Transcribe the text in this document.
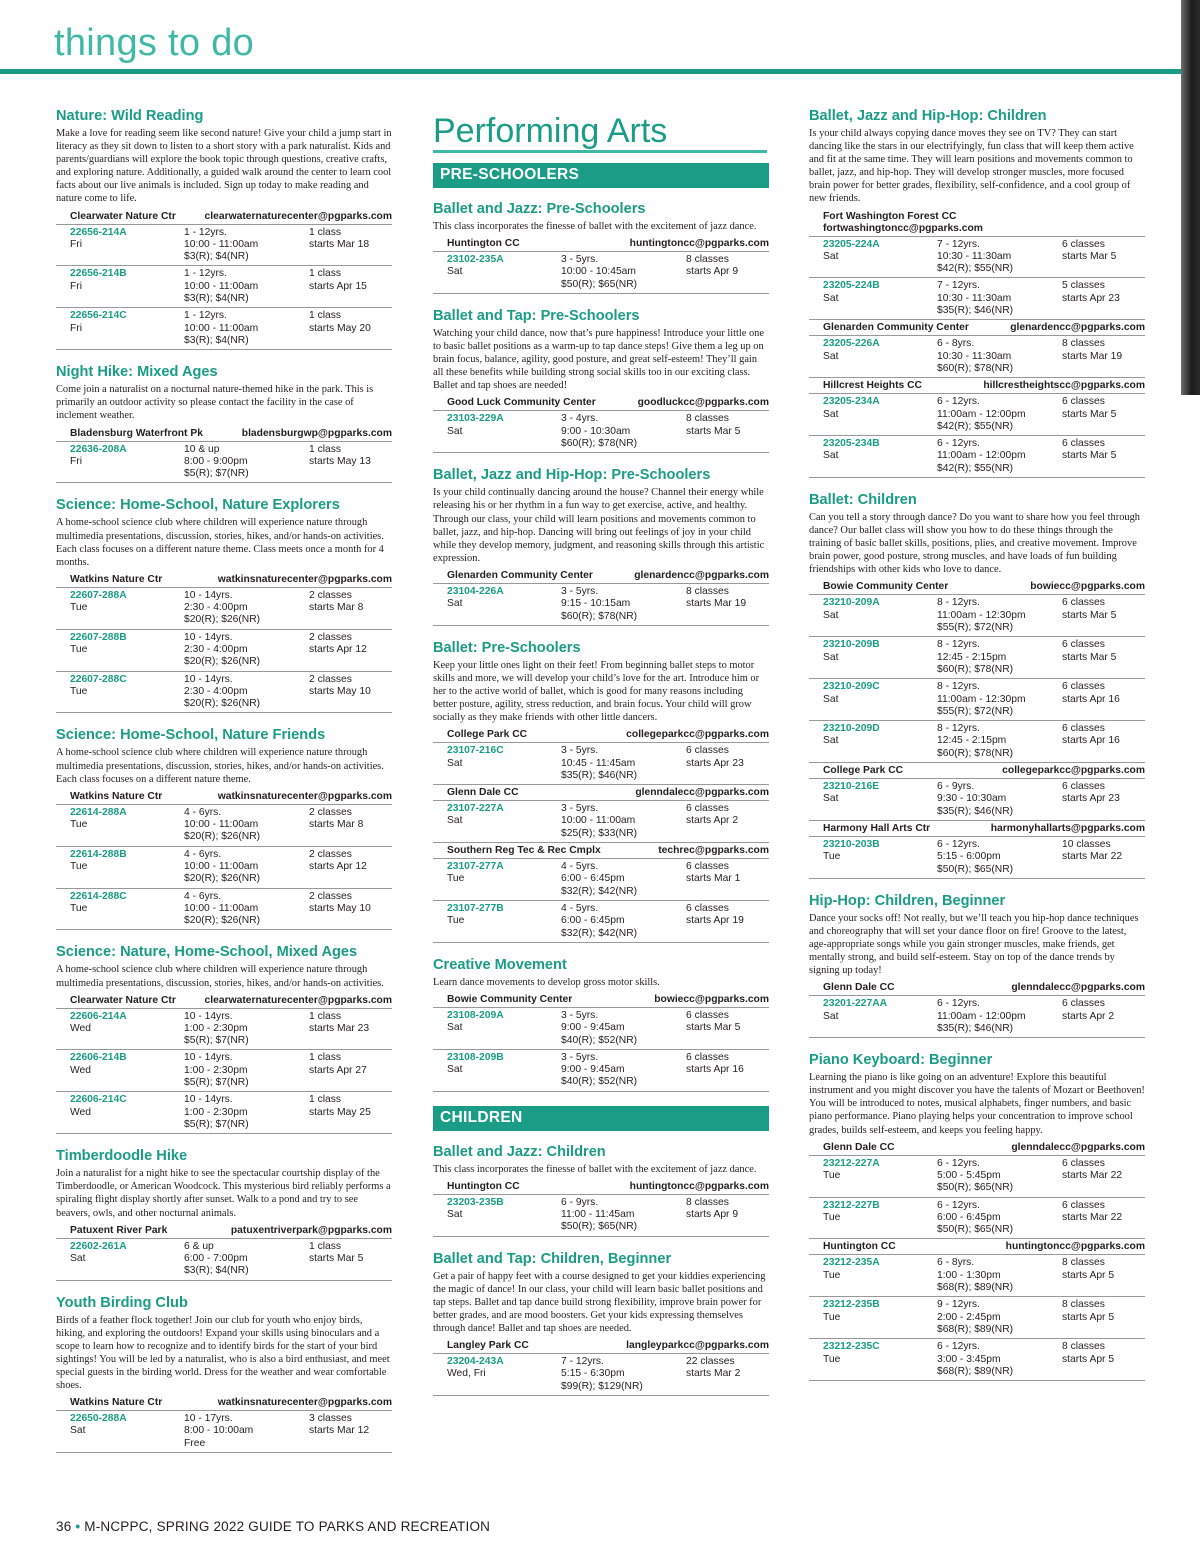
things to do
Nature: Wild Reading
Make a love for reading seem like second nature! Give your child a jump start in literacy as they sit down to listen to a short story with a park naturalist. Kids and parents/guardians will explore the book topic through questions, creative crafts, and exploring nature. Additionally, a guided walk around the center to learn cool facts about our live animals is included. Sign up today to make reading and nature come to life.
Clearwater Nature Ctr	clearwaternaturecenter@pgparks.com
22656-214A	1 - 12yrs.	1 class
Fri	10:00 - 11:00am	starts Mar 18
$3(R); $4(NR)
22656-214B	1 - 12yrs.	1 class
Fri	10:00 - 11:00am	starts Apr 15
$3(R); $4(NR)
22656-214C	1 - 12yrs.	1 class
Fri	10:00 - 11:00am	starts May 20
$3(R); $4(NR)
Night Hike: Mixed Ages
Come join a naturalist on a nocturnal nature-themed hike in the park. This is primarily an outdoor activity so please contact the facility in the case of inclement weather.
Bladensburg Waterfront Pk	bladensburgwp@pgparks.com
22636-208A	10 & up	1 class
Fri	8:00 - 9:00pm	starts May 13
$5(R); $7(NR)
Science: Home-School, Nature Explorers
A home-school science club where children will experience nature through multimedia presentations, discussion, stories, hikes, and/or hands-on activities. Each class focuses on a different nature theme. Class meets once a month for 4 months.
Watkins Nature Ctr	watkinsnaturecenter@pgparks.com
22607-288A	10 - 14yrs.	2 classes
Tue	2:30 - 4:00pm	starts Mar 8
$20(R); $26(NR)
22607-288B	10 - 14yrs.	2 classes
Tue	2:30 - 4:00pm	starts Apr 12
$20(R); $26(NR)
22607-288C	10 - 14yrs.	2 classes
Tue	2:30 - 4:00pm	starts May 10
$20(R); $26(NR)
Science: Home-School, Nature Friends
A home-school science club where children will experience nature through multimedia presentations, discussion, stories, hikes, and/or hands-on activities. Each class focuses on a different nature theme.
Watkins Nature Ctr	watkinsnaturecenter@pgparks.com
22614-288A	4 - 6yrs.	2 classes
Tue	10:00 - 11:00am	starts Mar 8
$20(R); $26(NR)
22614-288B	4 - 6yrs.	2 classes
Tue	10:00 - 11:00am	starts Apr 12
$20(R); $26(NR)
22614-288C	4 - 6yrs.	2 classes
Tue	10:00 - 11:00am	starts May 10
$20(R); $26(NR)
Science: Nature, Home-School, Mixed Ages
A home-school science club where children will experience nature through multimedia presentations, discussion, stories, hikes, and/or hands-on activities.
Clearwater Nature Ctr	clearwaternaturecenter@pgparks.com
22606-214A	10 - 14yrs.	1 class
Wed	1:00 - 2:30pm	starts Mar 23
$5(R); $7(NR)
22606-214B	10 - 14yrs.	1 class
Wed	1:00 - 2:30pm	starts Apr 27
$5(R); $7(NR)
22606-214C	10 - 14yrs.	1 class
Wed	1:00 - 2:30pm	starts May 25
$5(R); $7(NR)
Timberdoodle Hike
Join a naturalist for a night hike to see the spectacular courtship display of the Timberdoodle, or American Woodcock. This mysterious bird reliably performs a spiraling flight display shortly after sunset. Walk to a pond and try to see beavers, owls, and other nocturnal animals.
Patuxent River Park	patuxentriverpark@pgparks.com
22602-261A	6 & up	1 class
Sat	6:00 - 7:00pm	starts Mar 5
$3(R); $4(NR)
Youth Birding Club
Birds of a feather flock together! Join our club for youth who enjoy birds, hiking, and exploring the outdoors! Expand your skills using binoculars and a scope to learn how to recognize and to identify birds for the start of your bird sightings! You will be led by a naturalist, who is also a bird enthusiast, and meet special guests in the birding world. Dress for the weather and wear comfortable shoes.
Watkins Nature Ctr	watkinsnaturecenter@pgparks.com
22650-288A	10 - 17yrs.	3 classes
Sat	8:00 - 10:00am	starts Mar 12
Free
Performing Arts
PRE-SCHOOLERS
Ballet and Jazz: Pre-Schoolers
This class incorporates the finesse of ballet with the excitement of jazz dance.
Huntington CC	huntingtoncc@pgparks.com
23102-235A	3 - 5yrs.	8 classes
Sat	10:00 - 10:45am	starts Apr 9
$50(R); $65(NR)
Ballet and Tap: Pre-Schoolers
Watching your child dance, now that’s pure happiness! Introduce your little one to basic ballet positions as a warm-up to tap dance steps! Give them a leg up on brain focus, balance, agility, good posture, and great self-esteem! They’ll gain all these benefits while building strong social skills too in our exciting class. Ballet and tap shoes are needed!
Good Luck Community Center	goodluckcc@pgparks.com
23103-229A	3 - 4yrs.	8 classes
Sat	9:00 - 10:30am	starts Mar 5
$60(R); $78(NR)
Ballet, Jazz and Hip-Hop: Pre-Schoolers
Is your child continually dancing around the house? Channel their energy while releasing his or her rhythm in a fun way to get exercise, active, and healthy. Through our class, your child will learn positions and movements common to ballet, jazz, and hip-hop. Dancing will bring out feelings of joy in your child while they develop memory, judgment, and reasoning skills through this artistic expression.
Glenarden Community Center	glenardencc@pgparks.com
23104-226A	3 - 5yrs.	8 classes
Sat	9:15 - 10:15am	starts Mar 19
$60(R); $78(NR)
Ballet: Pre-Schoolers
Keep your little ones light on their feet! From beginning ballet steps to motor skills and more, we will develop your child’s love for the art. Introduce him or her to the active world of ballet, which is good for many reasons including better posture, agility, stress reduction, and brain focus. Your child will grow socially as they make friends with other little dancers.
College Park CC	collegeparkcc@pgparks.com
23107-216C	3 - 5yrs.	6 classes
Sat	10:45 - 11:45am	starts Apr 23
$35(R); $46(NR)
Glenn Dale CC	glenndalecc@pgparks.com
23107-227A	3 - 5yrs.	6 classes
Sat	10:00 - 11:00am	starts Apr 2
$25(R); $33(NR)
Southern Reg Tec & Rec Cmplx	techrec@pgparks.com
23107-277A	4 - 5yrs.	6 classes
Tue	6:00 - 6:45pm	starts Mar 1
$32(R); $42(NR)
23107-277B	4 - 5yrs.	6 classes
Tue	6:00 - 6:45pm	starts Apr 19
$32(R); $42(NR)
Creative Movement
Learn dance movements to develop gross motor skills.
Bowie Community Center	bowiecc@pgparks.com
23108-209A	3 - 5yrs.	6 classes
Sat	9:00 - 9:45am	starts Mar 5
$40(R); $52(NR)
23108-209B	3 - 5yrs.	6 classes
Sat	9:00 - 9:45am	starts Apr 16
$40(R); $52(NR)
CHILDREN
Ballet and Jazz: Children
This class incorporates the finesse of ballet with the excitement of jazz dance.
Huntington CC	huntingtoncc@pgparks.com
23203-235B	6 - 9yrs.	8 classes
Sat	11:00 - 11:45am	starts Apr 9
$50(R); $65(NR)
Ballet and Tap: Children, Beginner
Get a pair of happy feet with a course designed to get your kiddies experiencing the magic of dance! In our class, your child will learn basic ballet positions and tap steps. Ballet and tap dance build strong flexibility, improve brain power for better grades, and are mood boosters. Get your kids expressing themselves through dance! Ballet and tap shoes are needed.
Langley Park CC	langleyparkcc@pgparks.com
23204-243A	7 - 12yrs.	22 classes
Wed, Fri	5:15 - 6:30pm	starts Mar 2
$99(R); $129(NR)
Ballet, Jazz and Hip-Hop: Children
Is your child always copying dance moves they see on TV? They can start dancing like the stars in our electrifyingly, fun class that will keep them active and fit at the same time. They will learn positions and movements common to ballet, jazz, and hip-hop. They will develop stronger muscles, more focused brain power for better grades, flexibility, self-confidence, and a cool group of new friends.
Fort Washington Forest CC
fortwashingtoncc@pgparks.com
23205-224A	7 - 12yrs.	6 classes
Sat	10:30 - 11:30am	starts Mar 5
$42(R); $55(NR)
23205-224B	7 - 12yrs.	5 classes
Sat	10:30 - 11:30am	starts Apr 23
$35(R); $46(NR)
Glenarden Community Center	glenardencc@pgparks.com
23205-226A	6 - 8yrs.	8 classes
Sat	10:30 - 11:30am	starts Mar 19
$60(R); $78(NR)
Hillcrest Heights CC	hillcrestheightscc@pgparks.com
23205-234A	6 - 12yrs.	6 classes
Sat	11:00am - 12:00pm	starts Mar 5
$42(R); $55(NR)
23205-234B	6 - 12yrs.	6 classes
Sat	11:00am - 12:00pm	starts Mar 5
$42(R); $55(NR)
Ballet: Children
Can you tell a story through dance? Do you want to share how you feel through dance? Our ballet class will show you how to do these things through the training of basic ballet skills, positions, plies, and creative movement. Improve brain power, good posture, strong muscles, and have loads of fun building friendships with other kids who love to dance.
Bowie Community Center	bowiecc@pgparks.com
23210-209A	8 - 12yrs.	6 classes
Sat	11:00am - 12:30pm	starts Mar 5
$55(R); $72(NR)
23210-209B	8 - 12yrs.	6 classes
Sat	12:45 - 2:15pm	starts Mar 5
$60(R); $78(NR)
23210-209C	8 - 12yrs.	6 classes
Sat	11:00am - 12:30pm	starts Apr 16
$55(R); $72(NR)
23210-209D	8 - 12yrs.	6 classes
Sat	12:45 - 2:15pm	starts Apr 16
$60(R); $78(NR)
College Park CC	collegeparkcc@pgparks.com
23210-216E	6 - 9yrs.	6 classes
Sat	9:30 - 10:30am	starts Apr 23
$35(R); $46(NR)
Harmony Hall Arts Ctr	harmonyhallarts@pgparks.com
23210-203B	6 - 12yrs.	10 classes
Tue	5:15 - 6:00pm	starts Mar 22
$50(R); $65(NR)
Hip-Hop: Children, Beginner
Dance your socks off! Not really, but we’ll teach you hip-hop dance techniques and choreography that will set your dance floor on fire! Groove to the latest, age-appropriate songs while you gain stronger muscles, make friends, get mentally strong, and build self-esteem. Stay on top of the dance trends by signing up today!
Glenn Dale CC	glenndalecc@pgparks.com
23201-227AA	6 - 12yrs.	6 classes
Sat	11:00am - 12:00pm	starts Apr 2
$35(R); $46(NR)
Piano Keyboard: Beginner
Learning the piano is like going on an adventure! Explore this beautiful instrument and you might discover you have the talents of Mozart or Beethoven! You will be introduced to notes, musical alphabets, finger numbers, and basic piano performance. Piano playing helps your concentration to improve school grades, builds self-esteem, and keeps you feeling happy.
Glenn Dale CC	glenndalecc@pgparks.com
23212-227A	6 - 12yrs.	6 classes
Tue	5:00 - 5:45pm	starts Mar 22
$50(R); $65(NR)
23212-227B	6 - 12yrs.	6 classes
Tue	6:00 - 6:45pm	starts Mar 22
$50(R); $65(NR)
Huntington CC	huntingtoncc@pgparks.com
23212-235A	6 - 8yrs.	8 classes
Tue	1:00 - 1:30pm	starts Apr 5
$68(R); $89(NR)
23212-235B	9 - 12yrs.	8 classes
Tue	2:00 - 2:45pm	starts Apr 5
$68(R); $89(NR)
23212-235C	6 - 12yrs.	8 classes
Tue	3:00 - 3:45pm	starts Apr 5
$68(R); $89(NR)
36 • M-NCPPC, SPRING 2022 GUIDE TO PARKS AND RECREATION
